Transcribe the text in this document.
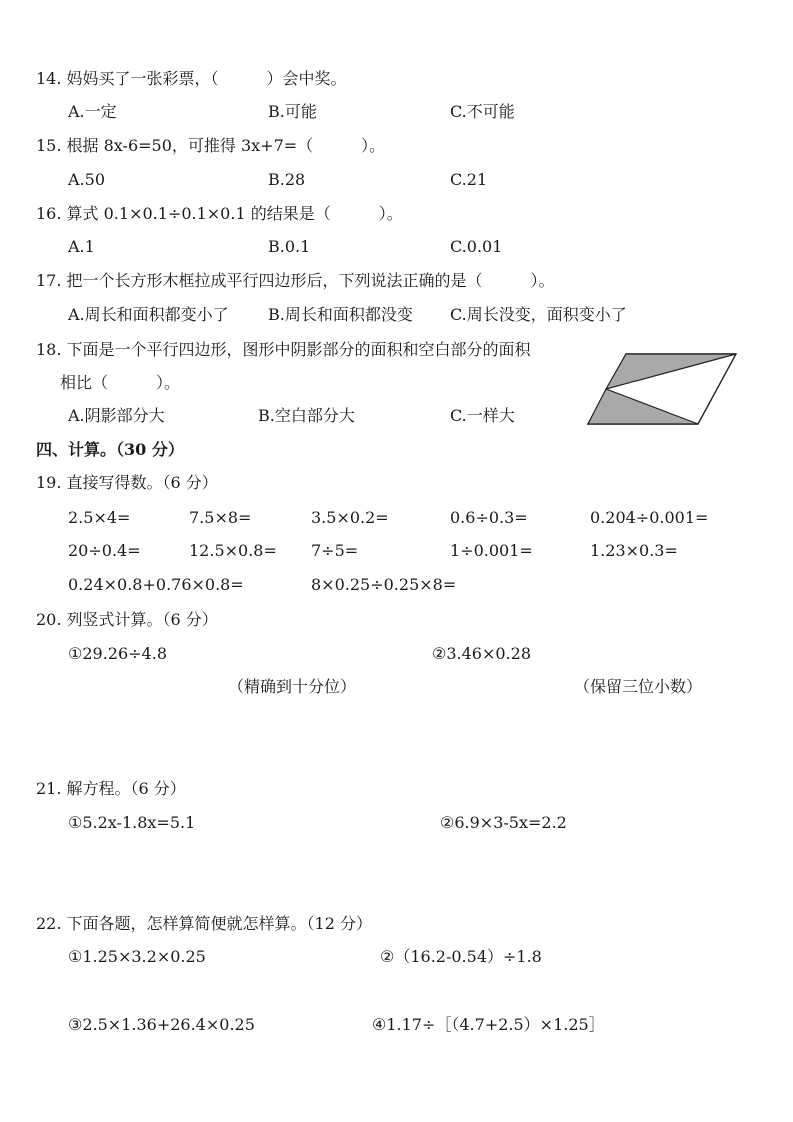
14. 妈妈买了一张彩票，（　　　）会中奖。
A.一定	B.可能	C.不可能
15. 根据 8x-6=50，可推得 3x+7=（　　　）。
A.50	B.28	C.21
16. 算式 0.1×0.1÷0.1×0.1 的结果是（　　　）。
A.1	B.0.1	C.0.01
17. 把一个长方形木框拉成平行四边形后，下列说法正确的是（　　　）。
A.周长和面积都变小了 B.周长和面积都没变 C.周长没变，面积变小了
18. 下面是一个平行四边形，图形中阴影部分的面积和空白部分的面积
相比（　　　）。
A.阴影部分大	B.空白部分大	C.一样大
四、计算。（30 分）
19. 直接写得数。（6 分）
2.5×4=	7.5×8=	3.5×0.2=	0.6÷0.3=	0.204÷0.001=
20÷0.4=	12.5×0.8= 7÷5=	1÷0.001=	1.23×0.3=
0.24×0.8+0.76×0.8=	8×0.25÷0.25×8=
20. 列竖式计算。（6 分）
①29.26÷4.8	②3.46×0.28
（精确到十分位）	（保留三位小数）
21. 解方程。（6 分）
①5.2x-1.8x=5.1	②6.9×3-5x=2.2
22. 下面各题，怎样算简便就怎样算。（12 分）
①1.25×3.2×0.25	②（16.2-0.54）÷1.8
③2.5×1.36+26.4×0.25	④1.17÷［（4.7+2.5）×1.25］
